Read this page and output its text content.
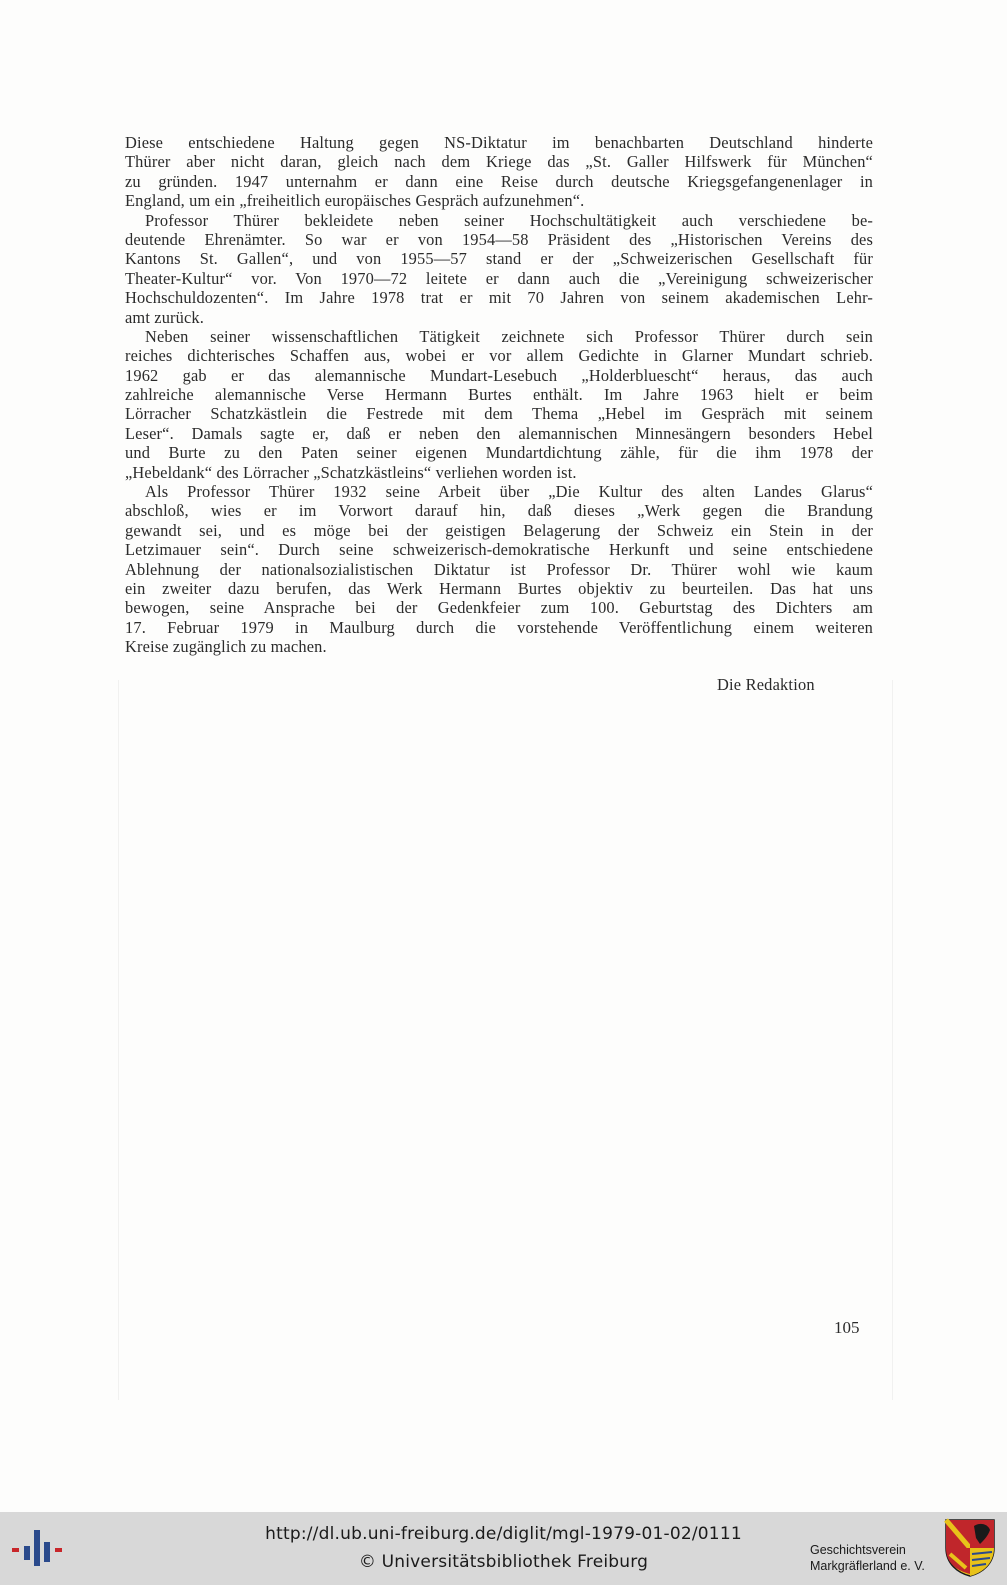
Diese entschiedene Haltung gegen NS-Diktatur im benachbarten Deutschland hinderte
Thürer aber nicht daran, gleich nach dem Kriege das „St. Galler Hilfswerk für München“
zu gründen. 1947 unternahm er dann eine Reise durch deutsche Kriegsgefangenenlager in
England, um ein „freiheitlich europäisches Gespräch aufzunehmen“.
Professor Thürer bekleidete neben seiner Hochschultätigkeit auch verschiedene be-
deutende Ehrenämter. So war er von 1954—58 Präsident des „Historischen Vereins des
Kantons St. Gallen“, und von 1955—57 stand er der „Schweizerischen Gesellschaft für
Theater-Kultur“ vor. Von 1970—72 leitete er dann auch die „Vereinigung schweizerischer
Hochschuldozenten“. Im Jahre 1978 trat er mit 70 Jahren von seinem akademischen Lehr-
amt zurück.
Neben seiner wissenschaftlichen Tätigkeit zeichnete sich Professor Thürer durch sein
reiches dichterisches Schaffen aus, wobei er vor allem Gedichte in Glarner Mundart schrieb.
1962 gab er das alemannische Mundart-Lesebuch „Holderbluescht“ heraus, das auch
zahlreiche alemannische Verse Hermann Burtes enthält. Im Jahre 1963 hielt er beim
Lörracher Schatzkästlein die Festrede mit dem Thema „Hebel im Gespräch mit seinem
Leser“. Damals sagte er, daß er neben den alemannischen Minnesängern besonders Hebel
und Burte zu den Paten seiner eigenen Mundartdichtung zähle, für die ihm 1978 der
„Hebeldank“ des Lörracher „Schatzkästleins“ verliehen worden ist.
Als Professor Thürer 1932 seine Arbeit über „Die Kultur des alten Landes Glarus“
abschloß, wies er im Vorwort darauf hin, daß dieses „Werk gegen die Brandung
gewandt sei, und es möge bei der geistigen Belagerung der Schweiz ein Stein in der
Letzimauer sein“. Durch seine schweizerisch-demokratische Herkunft und seine entschiedene
Ablehnung der nationalsozialistischen Diktatur ist Professor Dr. Thürer wohl wie kaum
ein zweiter dazu berufen, das Werk Hermann Burtes objektiv zu beurteilen. Das hat uns
bewogen, seine Ansprache bei der Gedenkfeier zum 100. Geburtstag des Dichters am
17. Februar 1979 in Maulburg durch die vorstehende Veröffentlichung einem weiteren
Kreise zugänglich zu machen.
Die Redaktion
105
http://dl.ub.uni-freiburg.de/diglit/mgl-1979-01-02/0111
© Universitätsbibliothek Freiburg
Geschichtsverein
Markgräflerland e. V.
